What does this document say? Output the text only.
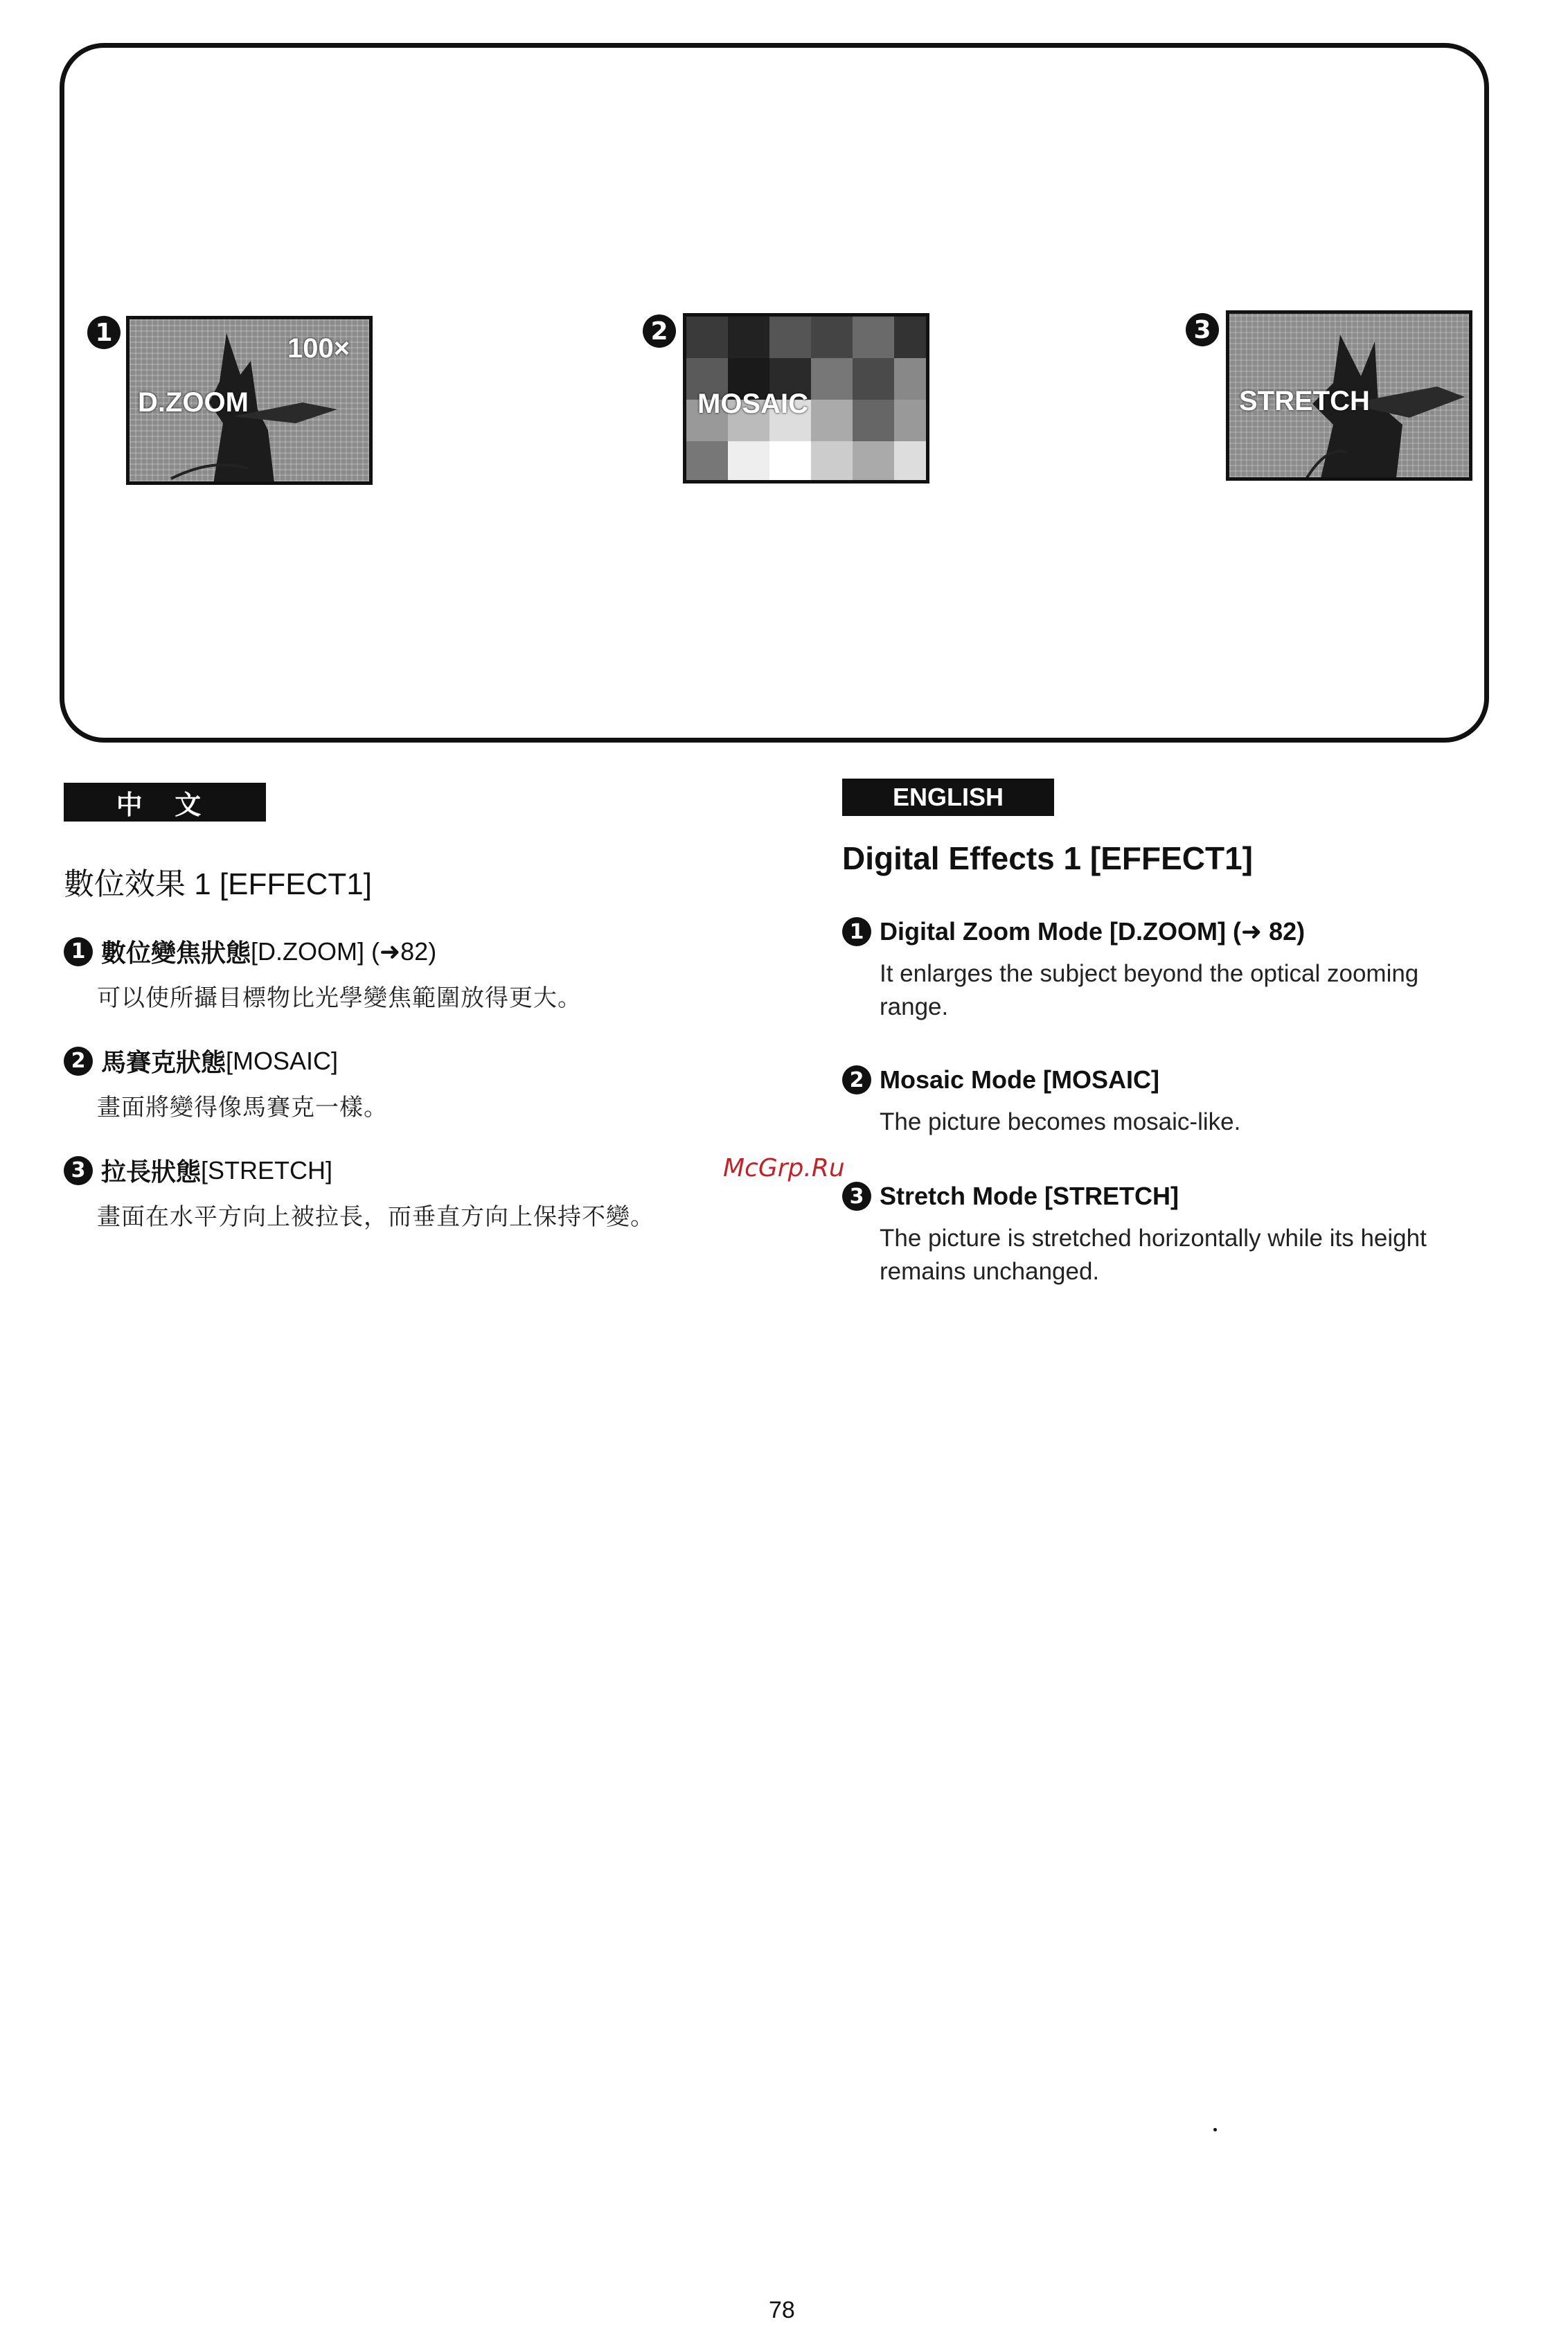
1
D.ZOOM
100×
2
MOSAIC
3
STRETCH
中 文
數位效果 1 [EFFECT1]
1 數位變焦狀態 [D.ZOOM] (➜82)
可以使所攝目標物比光學變焦範圍放得更大。
2 馬賽克狀態 [MOSAIC]
畫面將變得像馬賽克一樣。
3 拉長狀態 [STRETCH]
畫面在水平方向上被拉長，而垂直方向上保持不變。
ENGLISH
Digital Effects 1 [EFFECT1]
1 Digital Zoom Mode [D.ZOOM] (➜ 82)
It enlarges the subject beyond the optical zooming range.
2 Mosaic Mode [MOSAIC]
The picture becomes mosaic-like.
3 Stretch Mode [STRETCH]
The picture is stretched horizontally while its height remains unchanged.
McGrp.Ru
78
